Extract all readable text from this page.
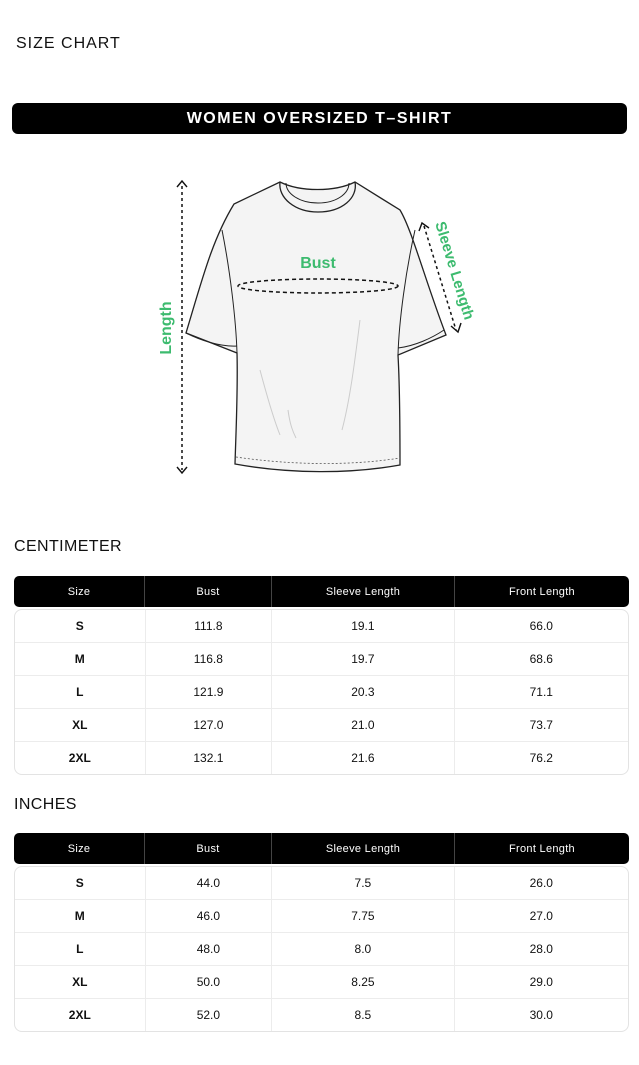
SIZE CHART
WOMEN OVERSIZED T–SHIRT
Bust
Length
Sleeve Length
CENTIMETER
Size	Bust	Sleeve Length	Front Length
S	111.8	19.1	66.0
M	116.8	19.7	68.6
L	121.9	20.3	71.1
XL	127.0	21.0	73.7
2XL	132.1	21.6	76.2
INCHES
Size	Bust	Sleeve Length	Front Length
S	44.0	7.5	26.0
M	46.0	7.75	27.0
L	48.0	8.0	28.0
XL	50.0	8.25	29.0
2XL	52.0	8.5	30.0
